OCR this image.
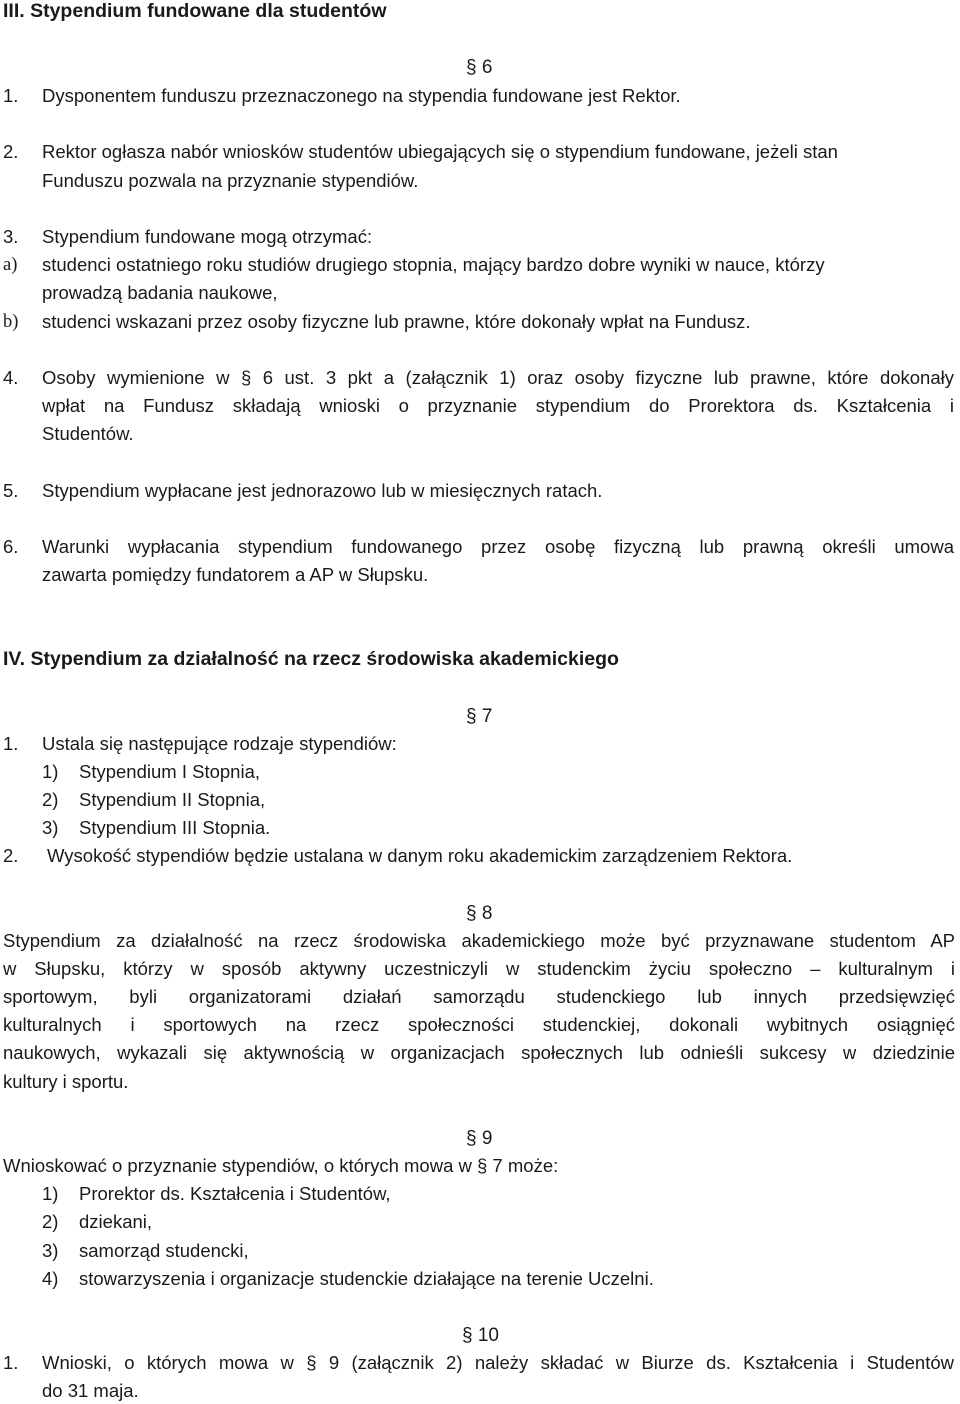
III. Stypendium fundowane dla studentów
§ 6
1. Dysponentem funduszu przeznaczonego na stypendia fundowane jest Rektor.
2. Rektor ogłasza nabór wniosków studentów ubiegających się o stypendium fundowane, jeżeli stan
Funduszu pozwala na przyznanie stypendiów.
3. Stypendium fundowane mogą otrzymać:
a) studenci ostatniego roku studiów drugiego stopnia, mający bardzo dobre wyniki w nauce, którzy
prowadzą badania naukowe,
b) studenci wskazani przez osoby fizyczne lub prawne, które dokonały wpłat na Fundusz.
4. Osoby wymienione w § 6 ust. 3 pkt a (załącznik 1) oraz osoby fizyczne lub prawne, które dokonały
wpłat na Fundusz składają wnioski o przyznanie stypendium do Prorektora ds. Kształcenia i
Studentów.
5. Stypendium wypłacane jest jednorazowo lub w miesięcznych ratach.
6. Warunki wypłacania stypendium fundowanego przez osobę fizyczną lub prawną określi umowa
zawarta pomiędzy fundatorem a AP w Słupsku.
IV. Stypendium za działalność na rzecz środowiska akademickiego
§ 7
1. Ustala się następujące rodzaje stypendiów:
1) Stypendium I Stopnia,
2) Stypendium II Stopnia,
3) Stypendium III Stopnia.
2. Wysokość stypendiów będzie ustalana w danym roku akademickim zarządzeniem Rektora.
§ 8
Stypendium za działalność na rzecz środowiska akademickiego może być przyznawane studentom AP
w Słupsku, którzy w sposób aktywny uczestniczyli w studenckim życiu społeczno – kulturalnym i
sportowym, byli organizatorami działań samorządu studenckiego lub innych przedsięwzięć
kulturalnych i sportowych na rzecz społeczności studenckiej, dokonali wybitnych osiągnięć
naukowych, wykazali się aktywnością w organizacjach społecznych lub odnieśli sukcesy w dziedzinie
kultury i sportu.
§ 9
Wnioskować o przyznanie stypendiów, o których mowa w § 7 może:
1) Prorektor ds. Kształcenia i Studentów,
2) dziekani,
3) samorząd studencki,
4) stowarzyszenia i organizacje studenckie działające na terenie Uczelni.
§ 10
1. Wnioski, o których mowa w § 9 (załącznik 2) należy składać w Biurze ds. Kształcenia i Studentów
do 31 maja.
